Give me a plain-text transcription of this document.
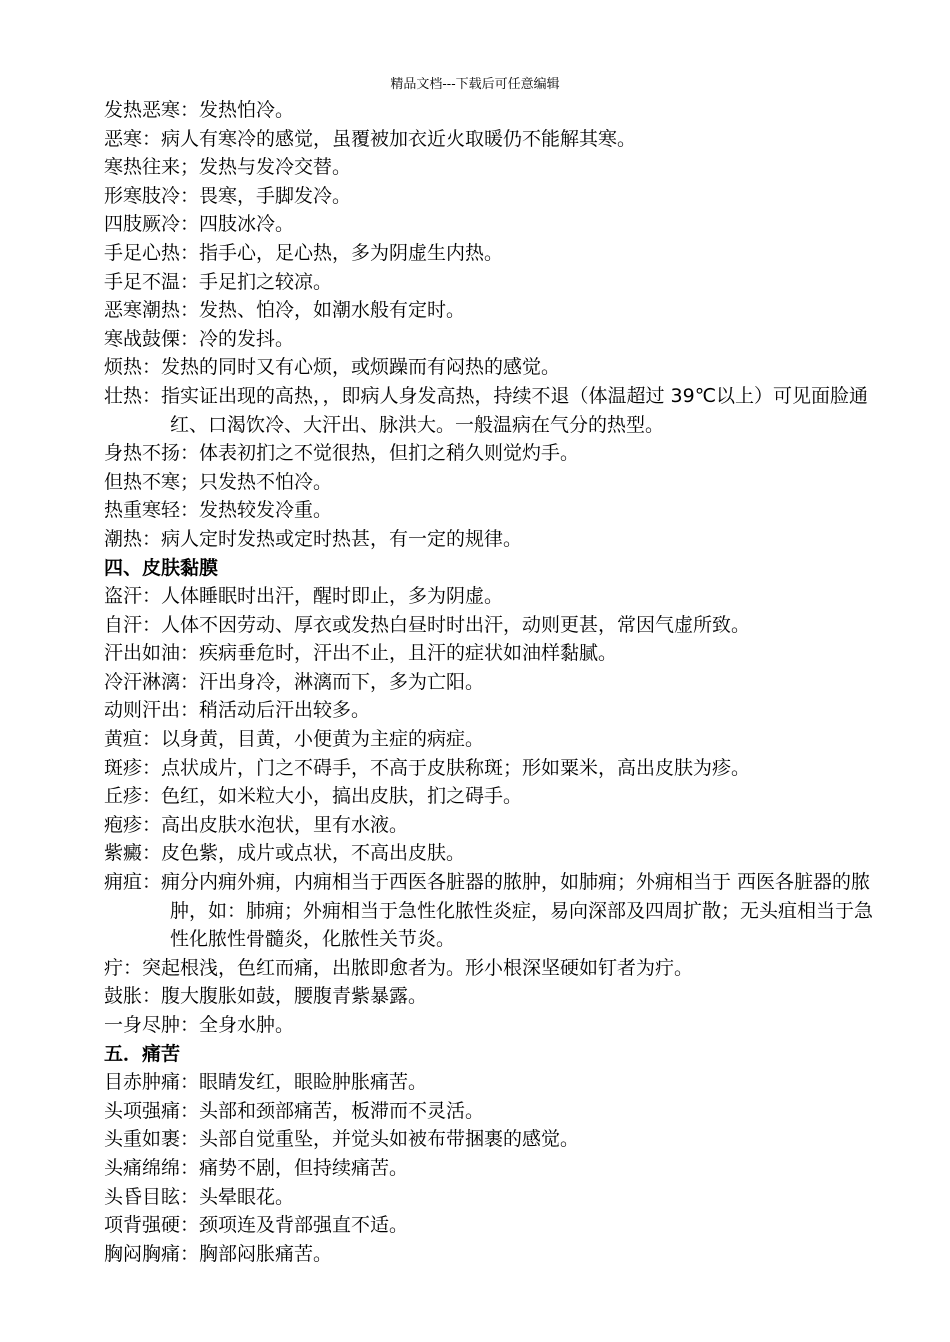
精品文档---下载后可任意编辑
发热恶寒：发热怕冷。
恶寒：病人有寒冷的感觉，虽覆被加衣近火取暖仍不能解其寒。
寒热往来；发热与发冷交替。
形寒肢冷：畏寒，手脚发冷。
四肢厥冷：四肢冰冷。
手足心热：指手心，足心热，多为阴虚生内热。
手足不温：手足扪之较凉。
恶寒潮热：发热、怕冷，如潮水般有定时。
寒战鼓傈：冷的发抖。
烦热：发热的同时又有心烦，或烦躁而有闷热的感觉。
壮热：指实证出现的高热，，即病人身发高热，持续不退（体温超过 39℃以上）可见面脸通红、口渴饮冷、大汗出、脉洪大。一般温病在气分的热型。
身热不扬：体表初扪之不觉很热，但扪之稍久则觉灼手。
但热不寒；只发热不怕冷。
热重寒轻：发热较发冷重。
潮热：病人定时发热或定时热甚，有一定的规律。
四、皮肤黏膜
盗汗：人体睡眠时出汗，醒时即止，多为阴虚。
自汗：人体不因劳动、厚衣或发热白昼时时出汗，动则更甚，常因气虚所致。
汗出如油：疾病垂危时，汗出不止，且汗的症状如油样黏腻。
冷汗淋漓：汗出身冷，淋漓而下，多为亡阳。
动则汗出：稍活动后汗出较多。
黄疸：以身黄，目黄，小便黄为主症的病症。
斑疹：点状成片，门之不碍手，不高于皮肤称斑；形如粟米，高出皮肤为疹。
丘疹：色红，如米粒大小，搞出皮肤，扪之碍手。
疱疹：高出皮肤水泡状，里有水液。
紫癜：皮色紫，成片或点状，不高出皮肤。
痈疽：痈分内痈外痈，内痈相当于西医各脏器的脓肿，如肺痈；外痈相当于 西医各脏器的脓肿，如：肺痈；外痈相当于急性化脓性炎症，易向深部及四周扩散；无头疽相当于急性化脓性骨髓炎，化脓性关节炎。
疔：突起根浅，色红而痛，出脓即愈者为。形小根深坚硬如钉者为疔。
鼓胀：腹大腹胀如鼓，腰腹青紫暴露。
一身尽肿：全身水肿。
五．痛苦
目赤肿痛：眼睛发红，眼睑肿胀痛苦。
头项强痛：头部和颈部痛苦，板滞而不灵活。
头重如裹：头部自觉重坠，并觉头如被布带捆裹的感觉。
头痛绵绵：痛势不剧，但持续痛苦。
头昏目眩：头晕眼花。
项背强硬：颈项连及背部强直不适。
胸闷胸痛：胸部闷胀痛苦。
